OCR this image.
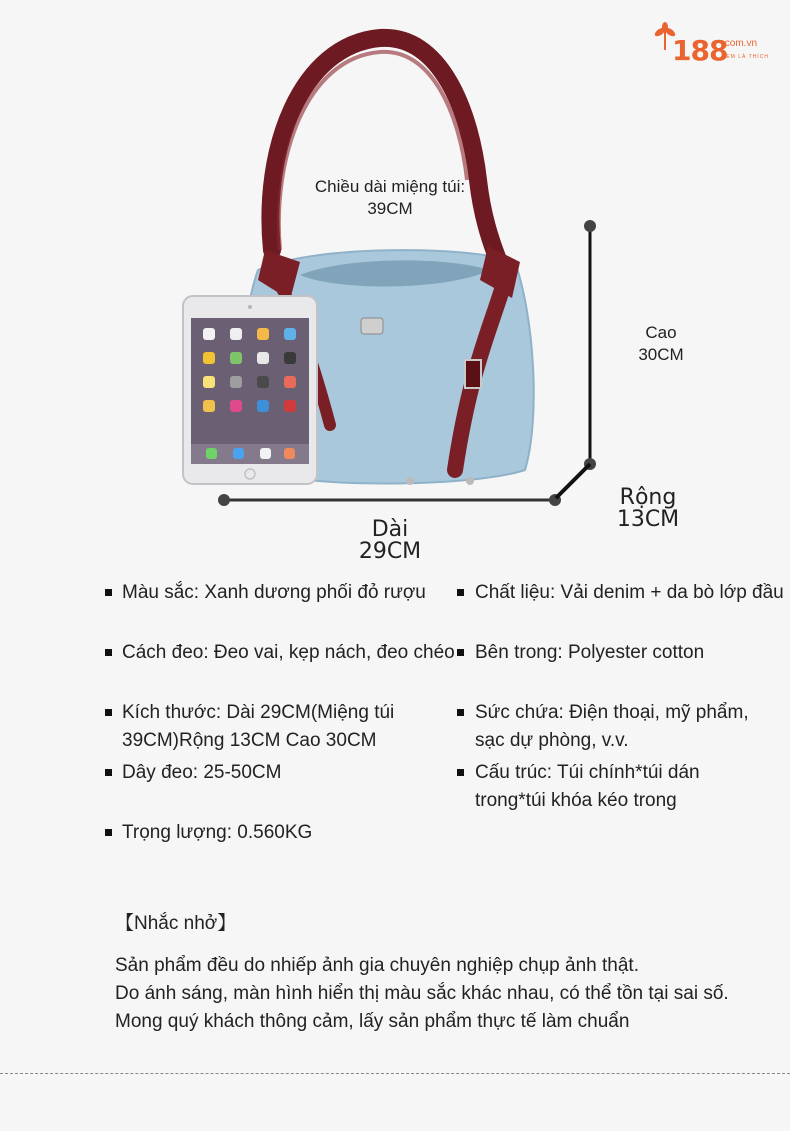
188
.com.vn
XEM LÀ THÍCH
Chiều dài miệng túi:
39CM
Cao
30CM
Rộng 13CM
Dài 29CM
Màu sắc: Xanh dương phối đỏ rượu	Chất liệu: Vải denim + da bò lớp đầu
Cách đeo: Đeo vai, kẹp nách, đeo chéo Bên trong: Polyester cotton
Kích thước: Dài 29CM(Miệng túi
39CM)Rộng 13CM Cao 30CM
Sức chứa: Điện thoại, mỹ phẩm,
sạc dự phòng, v.v.
Dây đeo: 25-50CM	Cấu trúc: Túi chính*túi dán
trong*túi khóa kéo trong
Trọng lượng: 0.560KG
【Nhắc nhở】

Sản phẩm đều do nhiếp ảnh gia chuyên nghiệp chụp ảnh thật.

Do ánh sáng, màn hình hiển thị màu sắc khác nhau, có thể tồn tại sai số.

Mong quý khách thông cảm, lấy sản phẩm thực tế làm chuẩn
